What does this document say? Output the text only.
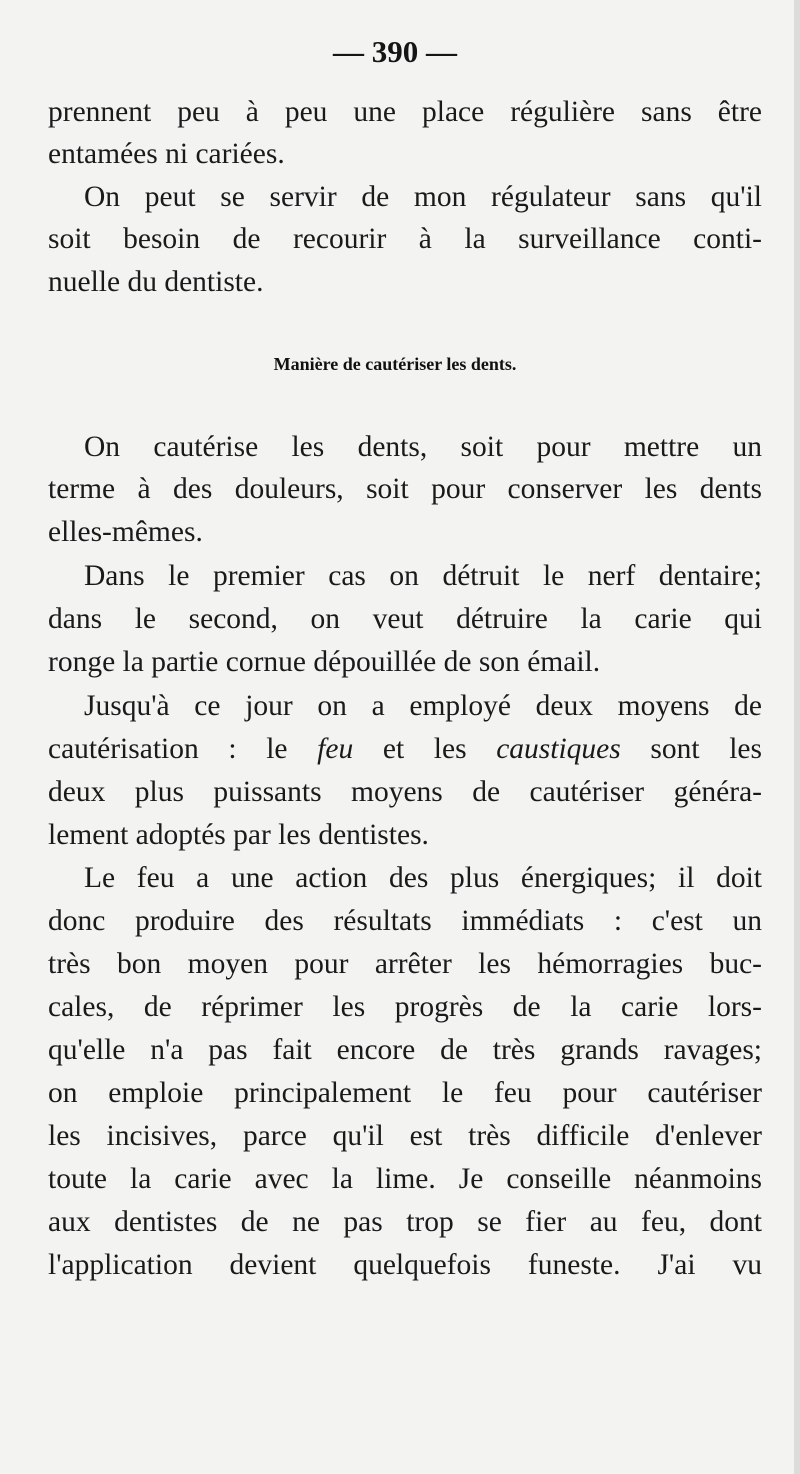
— 390 —
prennent peu à peu une place régulière sans être
entamées ni cariées.
On peut se servir de mon régulateur sans qu'il
soit besoin de recourir à la surveillance conti-
nuelle du dentiste.
Manière de cautériser les dents.
On cautérise les dents, soit pour mettre un
terme à des douleurs, soit pour conserver les dents
elles-mêmes.
Dans le premier cas on détruit le nerf dentaire;
dans le second, on veut détruire la carie qui
ronge la partie cornue dépouillée de son émail.
Jusqu'à ce jour on a employé deux moyens de
cautérisation : le feu et les caustiques sont les
deux plus puissants moyens de cautériser généra-
lement adoptés par les dentistes.
Le feu a une action des plus énergiques; il doit
donc produire des résultats immédiats : c'est un
très bon moyen pour arrêter les hémorragies buc-
cales, de réprimer les progrès de la carie lors-
qu'elle n'a pas fait encore de très grands ravages;
on emploie principalement le feu pour cautériser
les incisives, parce qu'il est très difficile d'enlever
toute la carie avec la lime. Je conseille néanmoins
aux dentistes de ne pas trop se fier au feu, dont
l'application devient quelquefois funeste. J'ai vu
